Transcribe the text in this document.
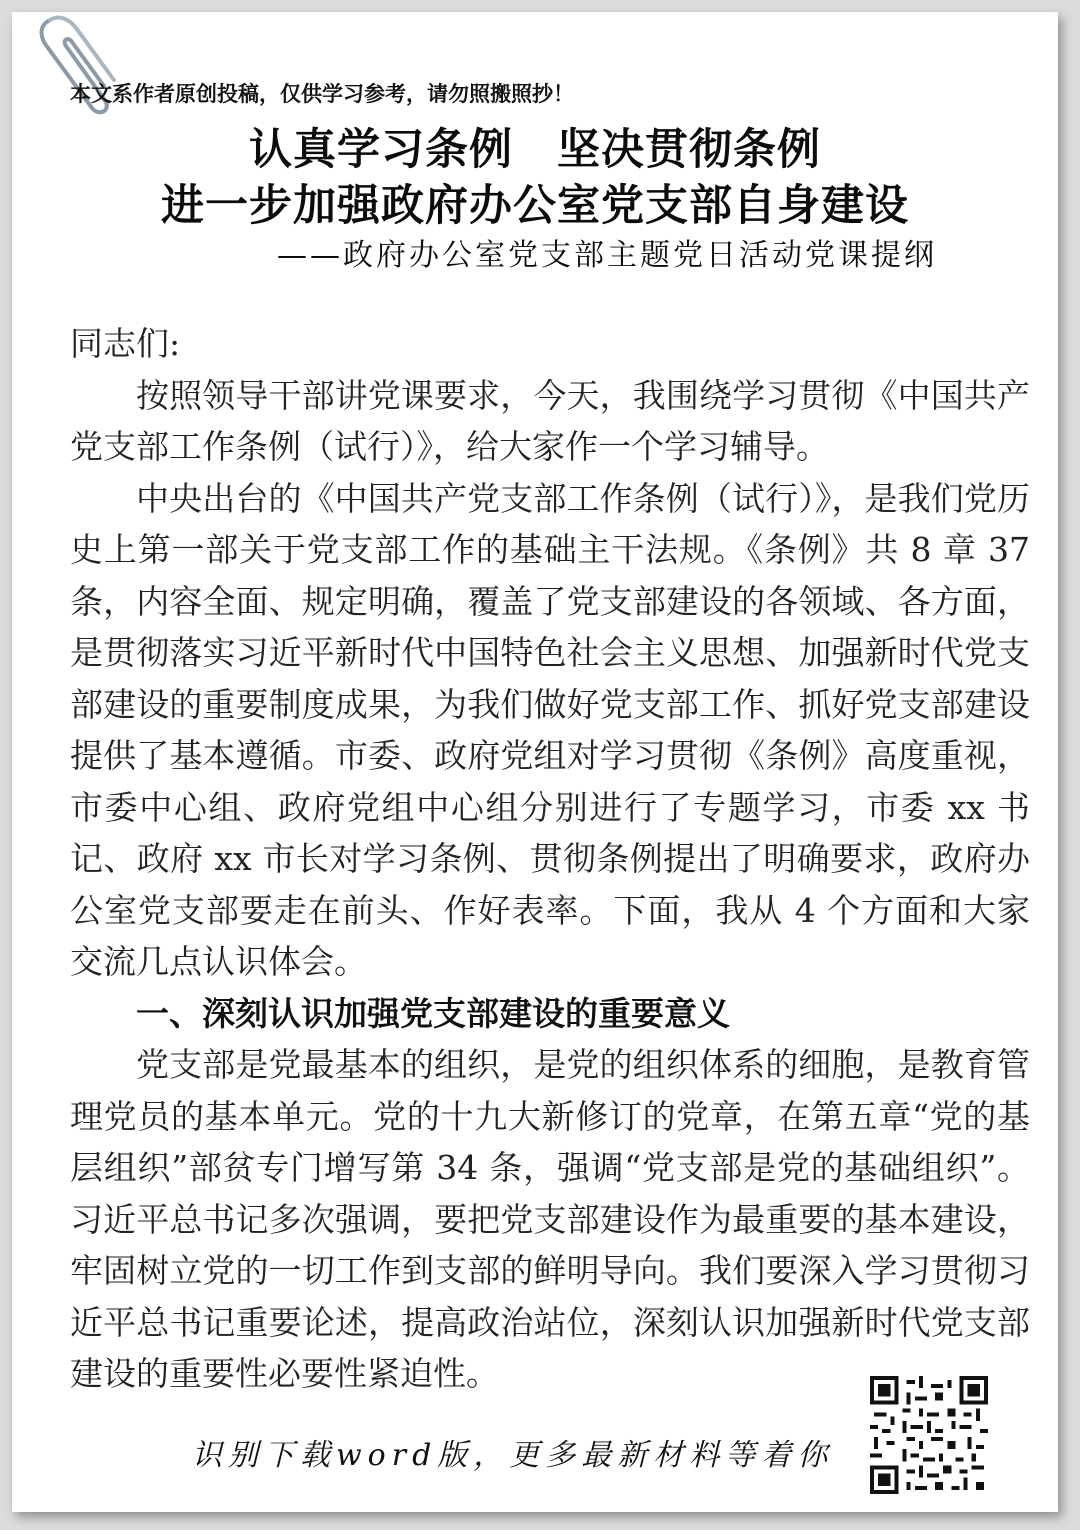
本文系作者原创投稿，仅供学习参考，请勿照搬照抄！
认真学习条例　坚决贯彻条例
进一步加强政府办公室党支部自身建设
——政府办公室党支部主题党日活动党课提纲

同志们:

按照领导干部讲党课要求，今天，我围绕学习贯彻《中国共产党支部工作条例（试行）》，给大家作一个学习辅导。

中央出台的《中国共产党支部工作条例（试行）》，是我们党历史上第一部关于党支部工作的基础主干法规。《条例》共 8 章 37 条，内容全面、规定明确，覆盖了党支部建设的各领域、各方面，是贯彻落实习近平新时代中国特色社会主义思想、加强新时代党支部建设的重要制度成果，为我们做好党支部工作、抓好党支部建设提供了基本遵循。市委、政府党组对学习贯彻《条例》高度重视，市委中心组、政府党组中心组分别进行了专题学习，市委 xx 书记、政府 xx 市长对学习条例、贯彻条例提出了明确要求，政府办公室党支部要走在前头、作好表率。下面，我从 4 个方面和大家交流几点认识体会。

一、深刻认识加强党支部建设的重要意义

党支部是党最基本的组织，是党的组织体系的细胞，是教育管理党员的基本单元。党的十九大新修订的党章，在第五章“党的基层组织”部贫专门增写第 34 条，强调“党支部是党的基础组织”。习近平总书记多次强调，要把党支部建设作为最重要的基本建设，牢固树立党的一切工作到支部的鲜明导向。我们要深入学习贯彻习近平总书记重要论述，提高政治站位，深刻认识加强新时代党支部建设的重要性必要性紧迫性。

识别下载word版，更多最新材料等着你
